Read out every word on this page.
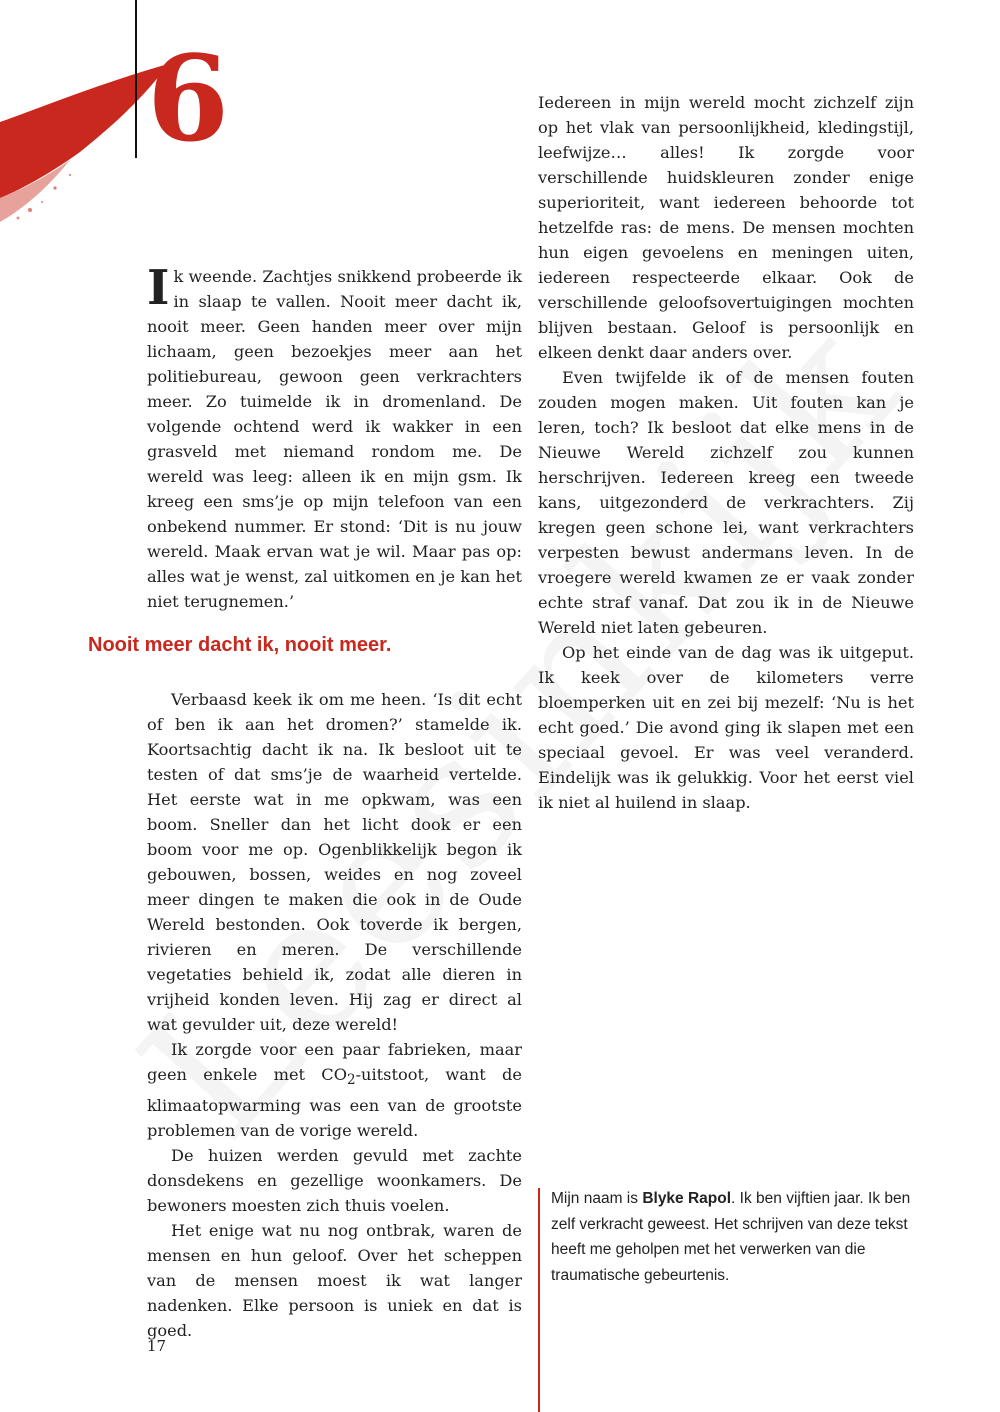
6

Ik weende. Zachtjes snikkend probeerde ik in slaap te vallen. Nooit meer dacht ik, nooit meer. Geen handen meer over mijn lichaam, geen bezoekjes meer aan het politiebureau, gewoon geen verkrachters meer. Zo tuimelde ik in dromenland. De volgende ochtend werd ik wakker in een grasveld met niemand rondom me. De wereld was leeg: alleen ik en mijn gsm. Ik kreeg een sms’je op mijn telefoon van een onbekend nummer. Er stond: ‘Dit is nu jouw wereld. Maak ervan wat je wil. Maar pas op: alles wat je wenst, zal uitkomen en je kan het niet terugnemen.’

Nooit meer dacht ik, nooit meer.

Verbaasd keek ik om me heen. ‘Is dit echt of ben ik aan het dromen?’ stamelde ik. Koortsachtig dacht ik na. Ik besloot uit te testen of dat sms’je de waarheid vertelde. Het eerste wat in me opkwam, was een boom. Sneller dan het licht dook er een boom voor me op. Ogenblikkelijk begon ik gebouwen, bossen, weides en nog zoveel meer dingen te maken die ook in de Oude Wereld bestonden. Ook toverde ik bergen, rivieren en meren. De verschillende vegetaties behield ik, zodat alle dieren in vrijheid konden leven. Hij zag er direct al wat gevulder uit, deze wereld!

Ik zorgde voor een paar fabrieken, maar geen enkele met $CO_2$-uitstoot, want de klimaatopwarming was een van de grootste problemen van de vorige wereld.

De huizen werden gevuld met zachte donsdekens en gezellige woonkamers. De bewoners moesten zich thuis voelen.

Het enige wat nu nog ontbrak, waren de mensen en hun geloof. Over het scheppen van de mensen moest ik wat langer nadenken. Elke persoon is uniek en dat is goed.

Iedereen in mijn wereld mocht zichzelf zijn op het vlak van persoonlijkheid, kledingstijl, leefwijze… alles! Ik zorgde voor verschillende huidskleuren zonder enige superioriteit, want iedereen behoorde tot hetzelfde ras: de mens. De mensen mochten hun eigen gevoelens en meningen uiten, iedereen respecteerde elkaar. Ook de verschillende geloofsovertuigingen mochten blijven bestaan. Geloof is persoonlijk en elkeen denkt daar anders over.

Even twijfelde ik of de mensen fouten zouden mogen maken. Uit fouten kan je leren, toch? Ik besloot dat elke mens in de Nieuwe Wereld zichzelf zou kunnen herschrijven. Iedereen kreeg een tweede kans, uitgezonderd de verkrachters. Zij kregen geen schone lei, want verkrachters verpesten bewust andermans leven. In de vroegere wereld kwamen ze er vaak zonder echte straf vanaf. Dat zou ik in de Nieuwe Wereld niet laten gebeuren.

Op het einde van de dag was ik uitgeput. Ik keek over de kilometers verre bloemperken uit en zei bij mezelf: ‘Nu is het echt goed.’ Die avond ging ik slapen met een speciaal gevoel. Er was veel veranderd. Eindelijk was ik gelukkig. Voor het eerst viel ik niet al huilend in slaap.

Mijn naam is Blyke Rapol. Ik ben vijftien jaar. Ik ben zelf verkracht geweest. Het schrijven van deze tekst heeft me geholpen met het verwerken van die traumatische gebeurtenis.
17
